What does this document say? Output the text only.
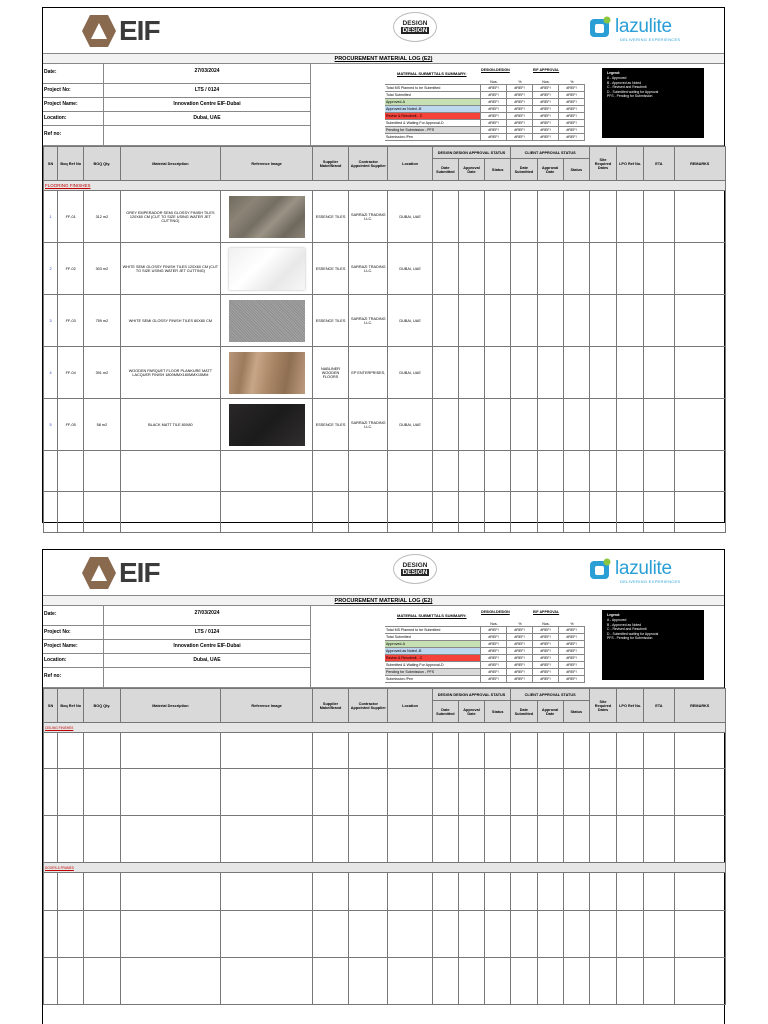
EIF	DESIGN
DESIGN	lazulite
DELIVERING EXPERIENCES
PROCUREMENT MATERIAL LOG (E2)
Date:	27/03/2024
Project No:	LTS / 0124
Project Name:	Innovation Centre EIF-Dubai
Location:	Dubai, UAE
Ref no:
MATERIAL SUBMITTALS SUMMARY:
DESIGN-DESIGN	EIF APPROVAL
Nos.	%	Nos.	%
Total MS Planned to be Submitted	#REF!	#REF!	#REF!	#REF!
Total Submitted	#REF!	#REF!	#REF!	#REF!
Approved-A	#REF!	#REF!	#REF!	#REF!
Approved as Noted -B	#REF!	#REF!	#REF!	#REF!
Revise & Resubmit - C	#REF!	#REF!	#REF!	#REF!
Submitted & Waiting For Approval-D	#REF!	#REF!	#REF!	#REF!
Pending for Submission - PFS	#REF!	#REF!	#REF!	#REF!
Submission /Pen	#REF!	#REF!	#REF!	#REF!
Legend:
A - Approved
B - Approved as Noted
C - Revised and Resubmit
D - Submitted waiting for Approval
PFS - Pending for Submission
SN	Boq Ref No	BOQ Qty.	Material Description	Reference Image	Supplier Make/Brand	Contractor Appointed Supplier	Location	DESIGN DESIGN APPROVAL STATUS			CLIENT APPROVAL STATUS			Site Required Dates	LPO Ref No.	ETA	REMARKS
								Date Submitted	Approval Date	Status	Date Submitted	Approval Date	Status				
FLOORING FINISHES																	
1	FF-01	312 m2	GREY EMPERADOR SEMI GLOSSY FINISH TILES 120X60 CM (CUT TO SIZE USING WATER JET CUTTING)		ESSENCE TILES	SARRAZI TRADING LLC.	DUBAI, UAE										
2	FF-02	303 m2	WHITE SEMI GLOSSY FINISH TILES 120X60 CM (CUT TO SIZE USING WATER JET CUTTING)		ESSENCE TILES	SARRAZI TRADING LLC.	DUBAI, UAE										
3	FF-03	759 m2	WHITE SEMI GLOSSY FINISH TILES 80X80 CM		ESSENCE TILES	SARRAZI TRADING LLC.	DUBAI, UAE										
4	FF-04	391 m2	WOODEN PARQUET FLOOR PLANKURE MATT LACQUER FINISH 1800MMX180MMX15MM		NABLINER WOODEN FLOORS	EP ENTERPRISES,	DUBAI, UAE										
5	FF-05	58 m2	BLACK MATT TILE 80X80		ESSENCE TILES	SARRAZI TRADING LLC.	DUBAI, UAE										

EIF	DESIGN
DESIGN	lazulite
DELIVERING EXPERIENCES
PROCUREMENT MATERIAL LOG (E2)
Date:	27/03/2024
Project No:	LTS / 0124
Project Name:	Innovation Centre EIF-Dubai
Location:	Dubai, UAE
Ref no:
MATERIAL SUBMITTALS SUMMARY:
DESIGN-DESIGN	EIF APPROVAL
Nos.	%	Nos.	%
Total MS Planned to be Submitted	#REF!	#REF!	#REF!	#REF!
Total Submitted	#REF!	#REF!	#REF!	#REF!
Approved-A	#REF!	#REF!	#REF!	#REF!
Approved as Noted -B	#REF!	#REF!	#REF!	#REF!
Revise & Resubmit - C	#REF!	#REF!	#REF!	#REF!
Submitted & Waiting For Approval-D	#REF!	#REF!	#REF!	#REF!
Pending for Submission - PFS	#REF!	#REF!	#REF!	#REF!
Submission /Pen	#REF!	#REF!	#REF!	#REF!
Legend:
A - Approved
B - Approved as Noted
C - Revised and Resubmit
D - Submitted waiting for Approval
PFS - Pending for Submission
SN	Boq Ref No	BOQ Qty.	Material Description	Reference Image	Supplier Make/Brand	Contractor Appointed Supplier	Location	DESIGN DESIGN APPROVAL STATUS			CLIENT APPROVAL STATUS			Site Required Dates	LPO Ref No.	ETA	REMARKS
								Date Submitted	Approval Date	Status	Date Submitted	Approval Date	Status				
CEILING FINISHES																	

DOORS & FRAMES																	
